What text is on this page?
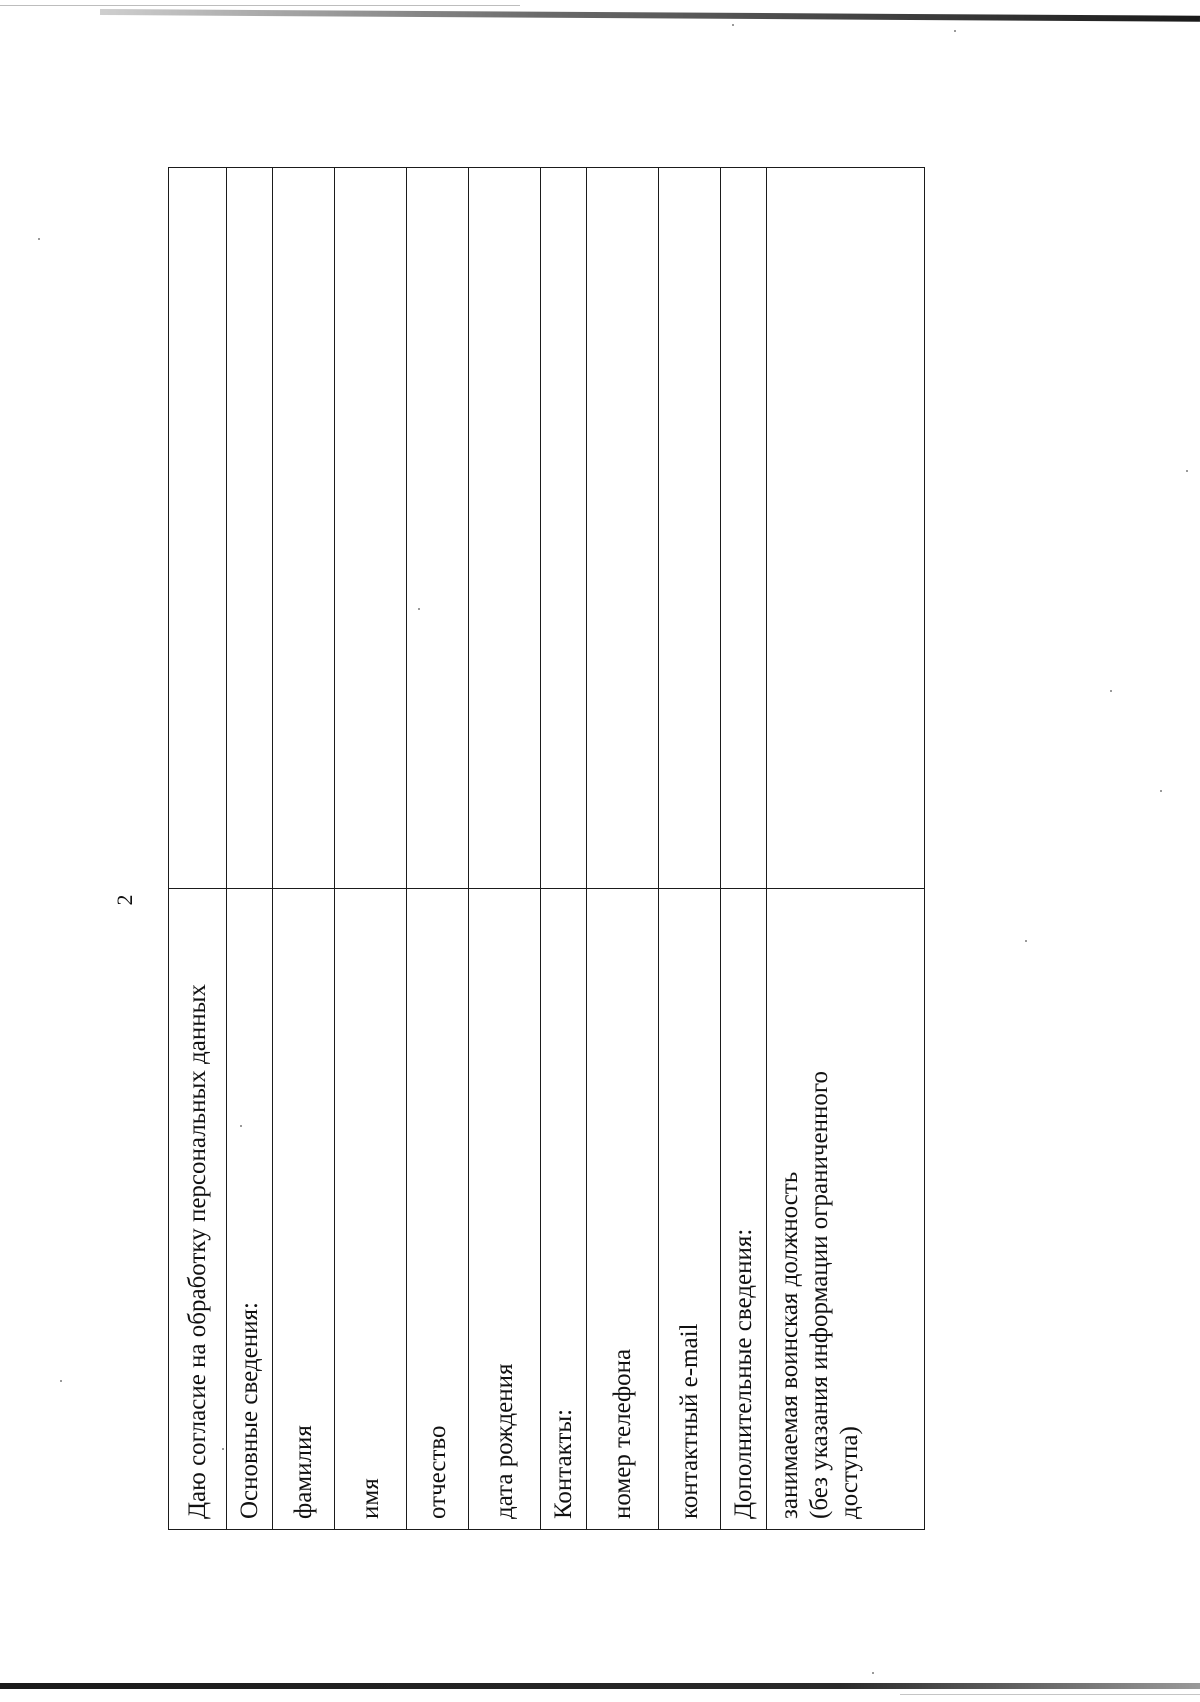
2
Даю согласие на обработку персональных данных	
Основные сведения:	
фамилия	
имя	
отчество	
дата рождения	
Контакты:	
номер телефона	
контактный e-mail	
Дополнительные сведения:	

занимаемая воинская должность (без указания информации ограниченного доступа)	
